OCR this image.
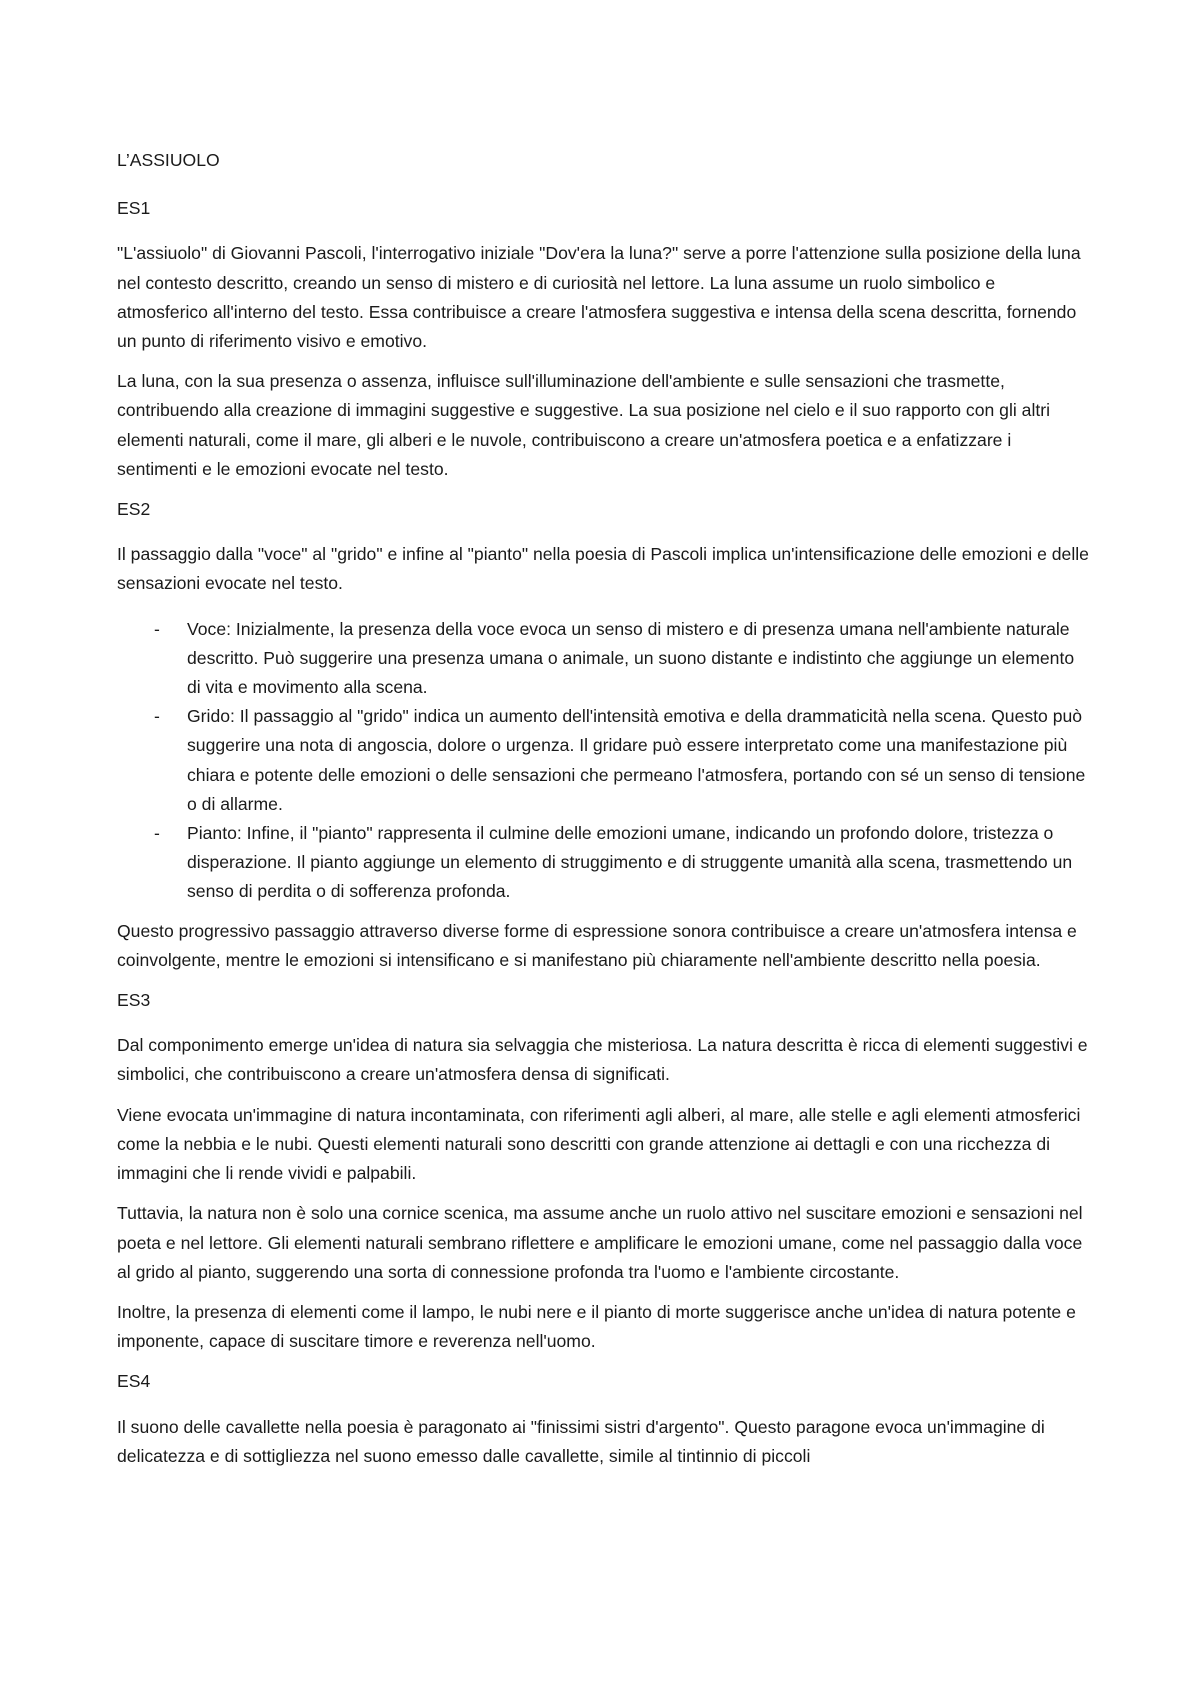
L’ASSIUOLO
ES1

"L'assiuolo" di Giovanni Pascoli, l'interrogativo iniziale "Dov'era la luna?" serve a porre l'attenzione sulla posizione della luna nel contesto descritto, creando un senso di mistero e di curiosità nel lettore. La luna assume un ruolo simbolico e atmosferico all'interno del testo. Essa contribuisce a creare l'atmosfera suggestiva e intensa della scena descritta, fornendo un punto di riferimento visivo e emotivo.

La luna, con la sua presenza o assenza, influisce sull'illuminazione dell'ambiente e sulle sensazioni che trasmette, contribuendo alla creazione di immagini suggestive e suggestive. La sua posizione nel cielo e il suo rapporto con gli altri elementi naturali, come il mare, gli alberi e le nuvole, contribuiscono a creare un'atmosfera poetica e a enfatizzare i sentimenti e le emozioni evocate nel testo.

ES2

Il passaggio dalla "voce" al "grido" e infine al "pianto" nella poesia di Pascoli implica un'intensificazione delle emozioni e delle sensazioni evocate nel testo.

- Voce: Inizialmente, la presenza della voce evoca un senso di mistero e di presenza umana nell'ambiente naturale descritto. Può suggerire una presenza umana o animale, un suono distante e indistinto che aggiunge un elemento di vita e movimento alla scena.
- Grido: Il passaggio al "grido" indica un aumento dell'intensità emotiva e della drammaticità nella scena. Questo può suggerire una nota di angoscia, dolore o urgenza. Il gridare può essere interpretato come una manifestazione più chiara e potente delle emozioni o delle sensazioni che permeano l'atmosfera, portando con sé un senso di tensione o di allarme.
- Pianto: Infine, il "pianto" rappresenta il culmine delle emozioni umane, indicando un profondo dolore, tristezza o disperazione. Il pianto aggiunge un elemento di struggimento e di struggente umanità alla scena, trasmettendo un senso di perdita o di sofferenza profonda.

Questo progressivo passaggio attraverso diverse forme di espressione sonora contribuisce a creare un'atmosfera intensa e coinvolgente, mentre le emozioni si intensificano e si manifestano più chiaramente nell'ambiente descritto nella poesia.

ES3

Dal componimento emerge un'idea di natura sia selvaggia che misteriosa. La natura descritta è ricca di elementi suggestivi e simbolici, che contribuiscono a creare un'atmosfera densa di significati.

Viene evocata un'immagine di natura incontaminata, con riferimenti agli alberi, al mare, alle stelle e agli elementi atmosferici come la nebbia e le nubi. Questi elementi naturali sono descritti con grande attenzione ai dettagli e con una ricchezza di immagini che li rende vividi e palpabili.

Tuttavia, la natura non è solo una cornice scenica, ma assume anche un ruolo attivo nel suscitare emozioni e sensazioni nel poeta e nel lettore. Gli elementi naturali sembrano riflettere e amplificare le emozioni umane, come nel passaggio dalla voce al grido al pianto, suggerendo una sorta di connessione profonda tra l'uomo e l'ambiente circostante.

Inoltre, la presenza di elementi come il lampo, le nubi nere e il pianto di morte suggerisce anche un'idea di natura potente e imponente, capace di suscitare timore e reverenza nell'uomo.

ES4

Il suono delle cavallette nella poesia è paragonato ai "finissimi sistri d'argento". Questo paragone evoca un'immagine di delicatezza e di sottigliezza nel suono emesso dalle cavallette, simile al tintinnio di piccoli
